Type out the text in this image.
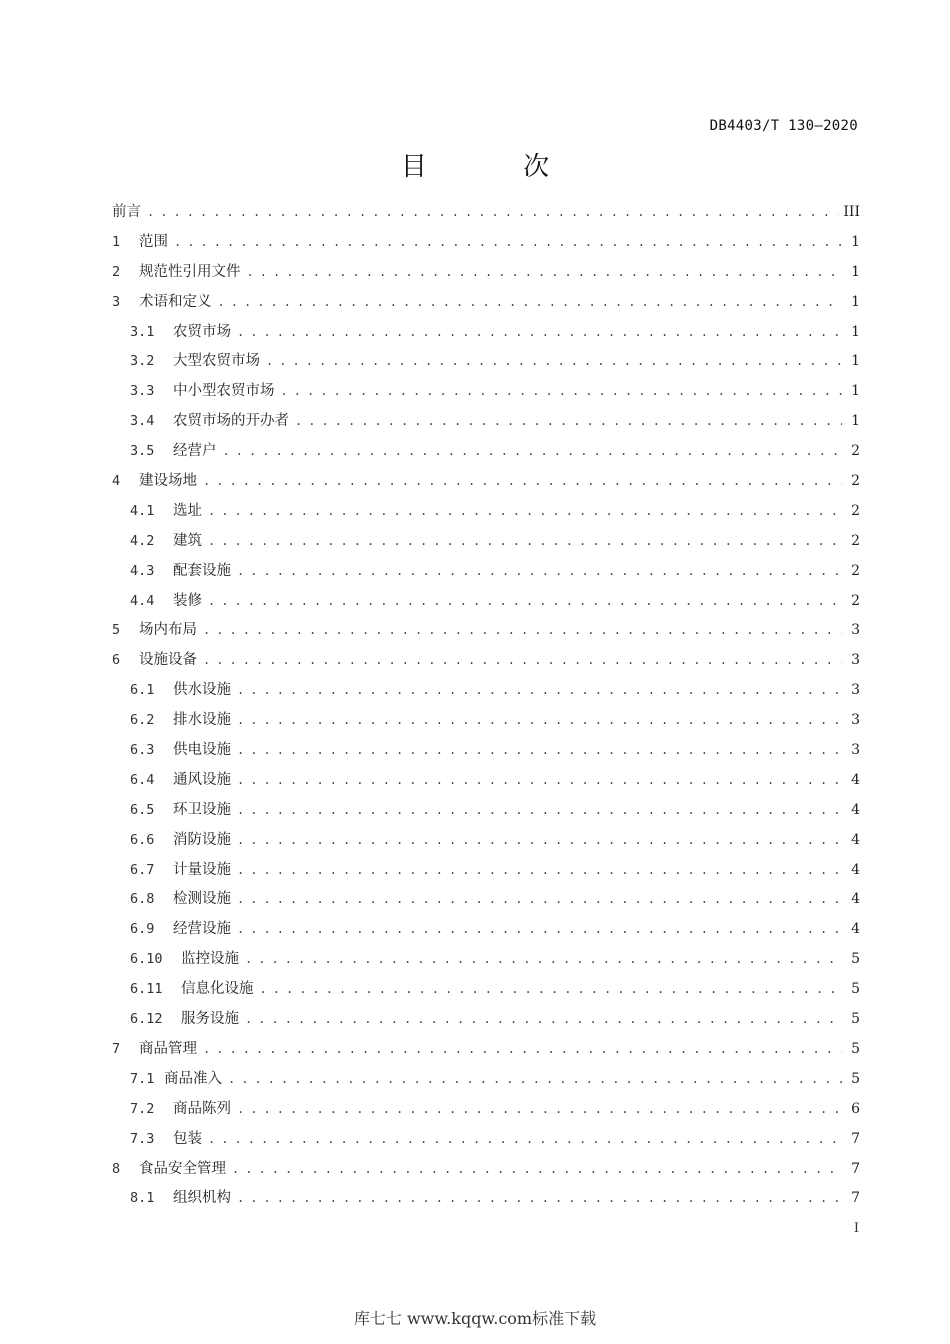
DB4403/T 130—2020
目 次
前言 . . .	III
1	范围 . . .	1
2	规范性引用文件 . . .	1
3	术语和定义 . . .	1
3.1	农贸市场 . . .	1
3.2	大型农贸市场 . . .	1
3.3	中小型农贸市场 . . .	1
3.4	农贸市场的开办者 . . .	1
3.5	经营户 . . .	2
4	建设场地 . . .	2
4.1	选址 . . .	2
4.2	建筑 . . .	2
4.3	配套设施 . . .	2
4.4	装修 . . .	2
5	场内布局 . . .	3
6	设施设备 . . .	3
6.1	供水设施 . . .	3
6.2	排水设施 . . .	3
6.3	供电设施 . . .	3
6.4	通风设施 . . .	4
6.5	环卫设施 . . .	4
6.6	消防设施 . . .	4
6.7	计量设施 . . .	4
6.8	检测设施 . . .	4
6.9	经营设施 . . .	4
6.10	监控设施 . . .	5
6.11	信息化设施 . . .	5
6.12	服务设施 . . .	5
7	商品管理 . . .	5
7.1 商品准入 . . .	5
7.2	商品陈列 . . .	6
7.3	包装 . . .	7
8	食品安全管理 . . .	7
8.1	组织机构 . . .	7
I
库七七 www.kqqw.com标准下载
